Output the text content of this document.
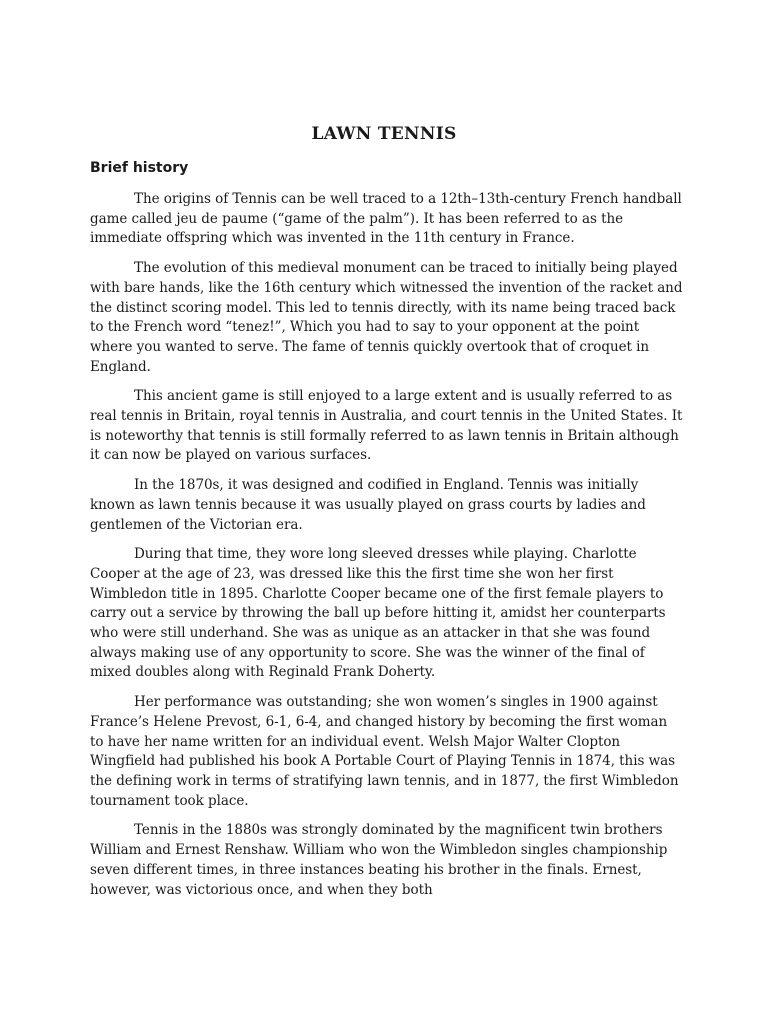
LAWN TENNIS
Brief history

The origins of Tennis can be well traced to a 12th–13th-century French handball game called jeu de paume (“game of the palm”). It has been referred to as the immediate offspring which was invented in the 11th century in France.

The evolution of this medieval monument can be traced to initially being played with bare hands, like the 16th century which witnessed the invention of the racket and the distinct scoring model. This led to tennis directly, with its name being traced back to the French word “tenez!”, Which you had to say to your opponent at the point where you wanted to serve. The fame of tennis quickly overtook that of croquet in England.

This ancient game is still enjoyed to a large extent and is usually referred to as real tennis in Britain, royal tennis in Australia, and court tennis in the United States. It is noteworthy that tennis is still formally referred to as lawn tennis in Britain although it can now be played on various surfaces.

In the 1870s, it was designed and codified in England. Tennis was initially known as lawn tennis because it was usually played on grass courts by ladies and gentlemen of the Victorian era.

During that time, they wore long sleeved dresses while playing. Charlotte Cooper at the age of 23, was dressed like this the first time she won her first Wimbledon title in 1895. Charlotte Cooper became one of the first female players to carry out a service by throwing the ball up before hitting it, amidst her counterparts who were still underhand. She was as unique as an attacker in that she was found always making use of any opportunity to score. She was the winner of the final of mixed doubles along with Reginald Frank Doherty.

Her performance was outstanding; she won women’s singles in 1900 against France’s Helene Prevost, 6-1, 6-4, and changed history by becoming the first woman to have her name written for an individual event. Welsh Major Walter Clopton Wingfield had published his book A Portable Court of Playing Tennis in 1874, this was the defining work in terms of stratifying lawn tennis, and in 1877, the first Wimbledon tournament took place.

Tennis in the 1880s was strongly dominated by the magnificent twin brothers William and Ernest Renshaw. William who won the Wimbledon singles championship seven different times, in three instances beating his brother in the finals. Ernest, however, was victorious once, and when they both
